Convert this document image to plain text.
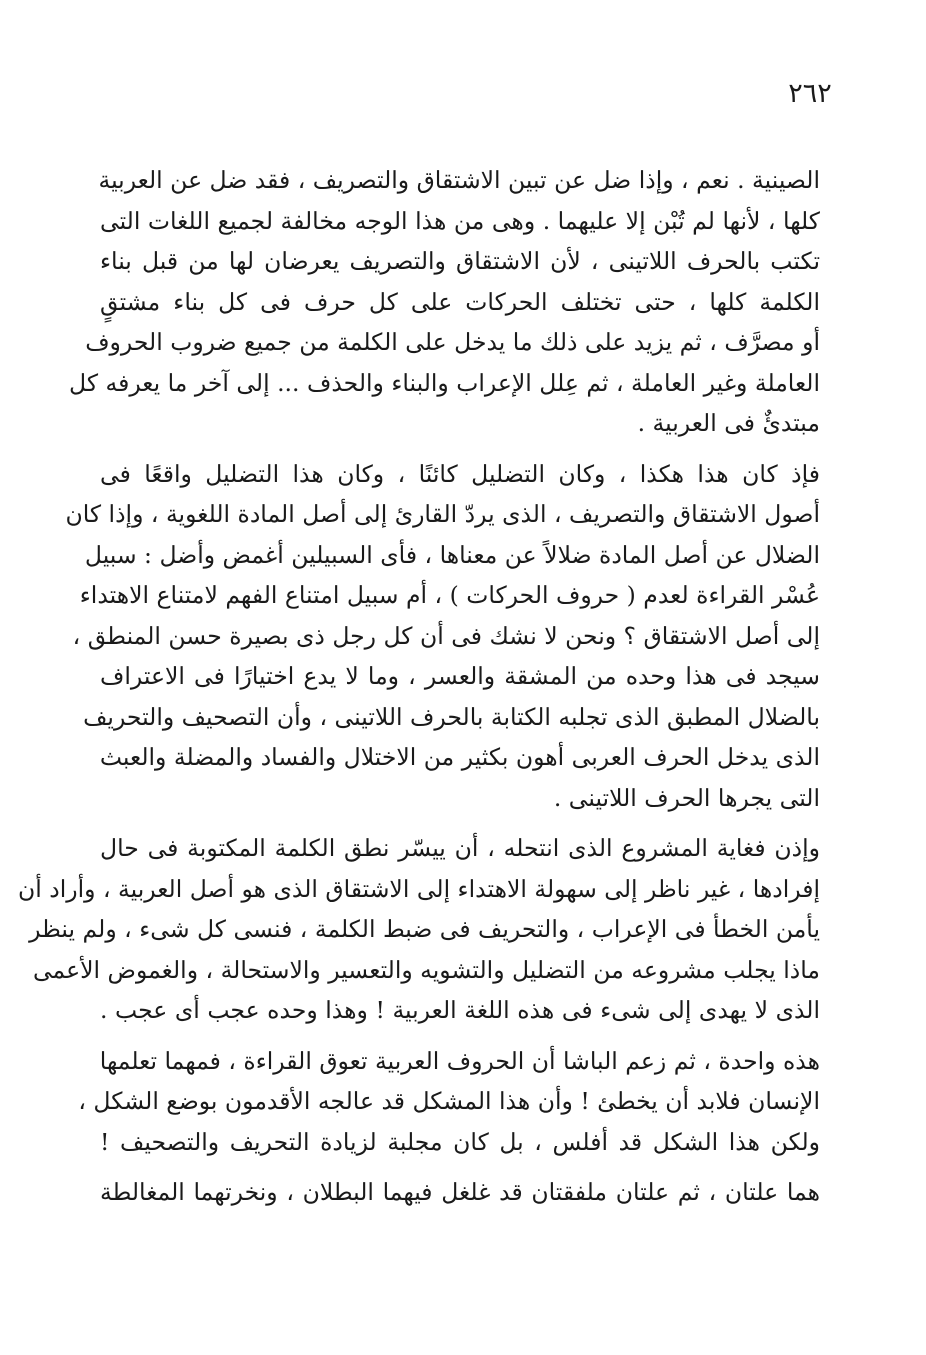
٢٦٢
الصينية . نعم ، وإذا ضل عن تبين الاشتقاق والتصريف ، فقد ضل عن العربية
كلها ، لأنها لم تُبْن إلا عليهما . وهى من هذا الوجه مخالفة لجميع اللغات التى
تكتب بالحرف اللاتينى ، لأن الاشتقاق والتصريف يعرضان لها من قبل بناء
الكلمة كلها ، حتى تختلف الحركات على كل حرف فى كل بناء مشتقٍ
أو مصرَّف ، ثم يزيد على ذلك ما يدخل على الكلمة من جميع ضروب الحروف
العاملة وغير العاملة ، ثم عِلل الإعراب والبناء والحذف ... إلى آخر ما يعرفه كل
مبتدئٌ فى العربية .
فإذ كان هذا هكذا ، وكان التضليل كائنًا ، وكان هذا التضليل واقعًا فى
أصول الاشتقاق والتصريف ، الذى يردّ القارئ إلى أصل المادة اللغوية ، وإذا كان
الضلال عن أصل المادة ضلالاً عن معناها ، فأى السبيلين أغمض وأضل : سبيل
عُسْر القراءة لعدم ( حروف الحركات ) ، أم سبيل امتناع الفهم لامتناع الاهتداء
إلى أصل الاشتقاق ؟ ونحن لا نشك فى أن كل رجل ذى بصيرة حسن المنطق ،
سيجد فى هذا وحده من المشقة والعسر ، وما لا يدع اختيارًا فى الاعتراف
بالضلال المطبق الذى تجلبه الكتابة بالحرف اللاتينى ، وأن التصحيف والتحريف
الذى يدخل الحرف العربى أهون بكثير من الاختلال والفساد والمضلة والعبث
التى يجرها الحرف اللاتينى .
وإذن فغاية المشروع الذى انتحله ، أن ييسّر نطق الكلمة المكتوبة فى حال
إفرادها ، غير ناظر إلى سهولة الاهتداء إلى الاشتقاق الذى هو أصل العربية ، وأراد أن
يأمن الخطأ فى الإعراب ، والتحريف فى ضبط الكلمة ، فنسى كل شىء ، ولم ينظر
ماذا يجلب مشروعه من التضليل والتشويه والتعسير والاستحالة ، والغموض الأعمى
الذى لا يهدى إلى شىء فى هذه اللغة العربية ! وهذا وحده عجب أى عجب .
هذه واحدة ، ثم زعم الباشا أن الحروف العربية تعوق القراءة ، فمهما تعلمها
الإنسان فلابد أن يخطئ ! وأن هذا المشكل قد عالجه الأقدمون بوضع الشكل ،
ولكن هذا الشكل قد أفلس ، بل كان مجلبة لزيادة التحريف والتصحيف !
هما علتان ، ثم علتان ملفقتان قد غلغل فيهما البطلان ، ونخرتهما المغالطة
